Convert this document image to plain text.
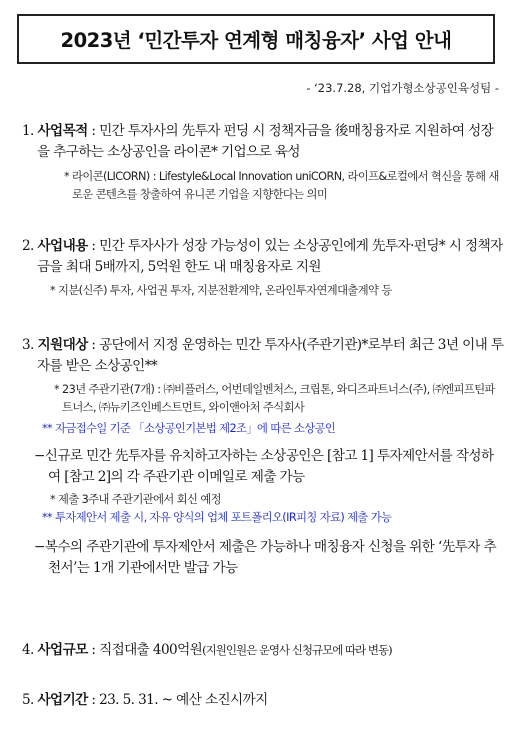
2023년 ‘민간투자 연계형 매칭융자’ 사업 안내
- ‘23.7.28, 기업가형소상공인육성팀 -
1. 사업목적 : 민간 투자사의 先투자 펀딩 시 정책자금을 後매칭융자로 지원하여 성장을 추구하는 소상공인을 라이콘* 기업으로 육성
* 라이콘(LICORN) : Lifestyle&Local Innovation uniCORN, 라이프&로컬에서 혁신을 통해 새로운 콘텐츠를 창출하여 유니콘 기업을 지향한다는 의미
2. 사업내용 : 민간 투자사가 성장 가능성이 있는 소상공인에게 先투자·펀딩* 시 정책자금을 최대 5배까지, 5억원 한도 내 매칭융자로 지원
* 지분(신주) 투자, 사업권 투자, 지분전환계약, 온라인투자연계대출계약 등
3. 지원대상 : 공단에서 지정 운영하는 민간 투자사(주관기관)*로부터 최근 3년 이내 투자를 받은 소상공인**
* 23년 주관기관(7개) : ㈜비플러스, 어번데일벤처스, 크립톤, 와디즈파트너스(주), ㈜엔피프틴파트너스, ㈜뉴키즈인베스트먼트, 와이앤아처 주식회사
** 자금접수일 기준 「소상공인기본법 제2조」에 따른 소상공인
−신규로 민간 先투자를 유치하고자하는 소상공인은 [참고 1] 투자제안서를 작성하여 [참고 2]의 각 주관기관 이메일로 제출 가능
* 제출 3주내 주관기관에서 회신 예정
** 투자제안서 제출 시, 자유 양식의 업체 포트폴리오(IR피칭 자료) 제출 가능
−복수의 주관기관에 투자제안서 제출은 가능하나 매칭융자 신청을 위한 ‘先투자 추천서’는 1개 기관에서만 발급 가능
4. 사업규모 : 직접대출 400억원(지원인원은 운영사 신청규모에 따라 변동)
5. 사업기간 : 23. 5. 31. ~ 예산 소진시까지
